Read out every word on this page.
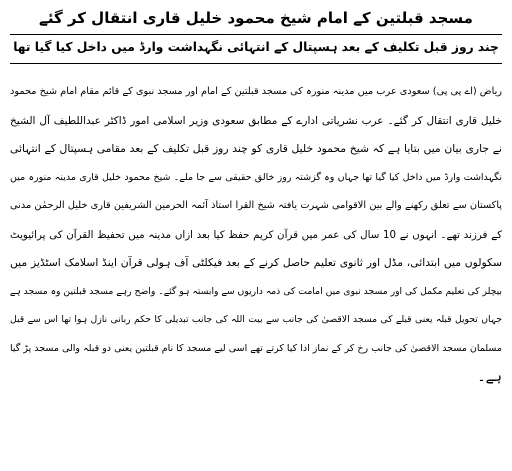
مسجد قبلتین کے امام شیخ محمود خلیل قاری انتقال کر گئے
چند روز قبل تکلیف کے بعد ہسپتال کے انتہائی نگہداشت وارڈ میں داخل کیا گیا تھا
ریاض (اے پی پی) سعودی عرب میں مدینہ منورہ کی مسجد قبلتین کے امام اور مسجد نبوی کے قائم مقام امام شیخ محمود
خلیل قاری انتقال کر گئے۔ عرب نشریاتی ادارے کے مطابق سعودی وزیر اسلامی امور ڈاکٹر عبداللطیف آل الشیخ
نے جاری بیان میں بتایا ہے کہ شیخ محمود خلیل قاری کو چند روز قبل تکلیف کے بعد مقامی ہسپتال کے انتہائی
نگہداشت وارڈ میں داخل کیا گیا تھا جہاں وہ گزشتہ روز خالق حقیقی سے جا ملے۔ شیخ محمود خلیل قاری مدینہ منورہ میں
پاکستان سے تعلق رکھنے والے بین الاقوامی شہرت یافتہ شیخ القرا استاذ آئمہ الحرمین الشریفین قاری خلیل الرحمٰن مدنی
کے فرزند تھے۔ انہوں نے 10 سال کی عمر میں قرآن کریم حفظ کیا بعد ازاں مدینہ میں تحفیظ القرآن کی پرائیویٹ
سکولوں میں ابتدائی، مڈل اور ثانوی تعلیم حاصل کرنے کے بعد فیکلٹی آف ہولی قرآن اینڈ اسلامک اسٹڈیز میں
بیچلر کی تعلیم مکمل کی اور مسجد نبوی میں امامت کی ذمہ داریوں سے وابستہ ہو گئے۔ واضح رہے مسجد قبلتین وہ مسجد ہے
جہاں تحویل قبلہ یعنی قبلے کی مسجد الاقصیٰ کی جانب سے بیت اللہ کی جانب تبدیلی کا حکم ربانی نازل ہوا تھا اس سے قبل
مسلمان مسجد الاقصیٰ کی جانب رخ کر کے نماز ادا کیا کرتے تھے اسی لیے مسجد کا نام قبلتین یعنی دو قبلہ والی مسجد پڑ گیا
ہے۔
